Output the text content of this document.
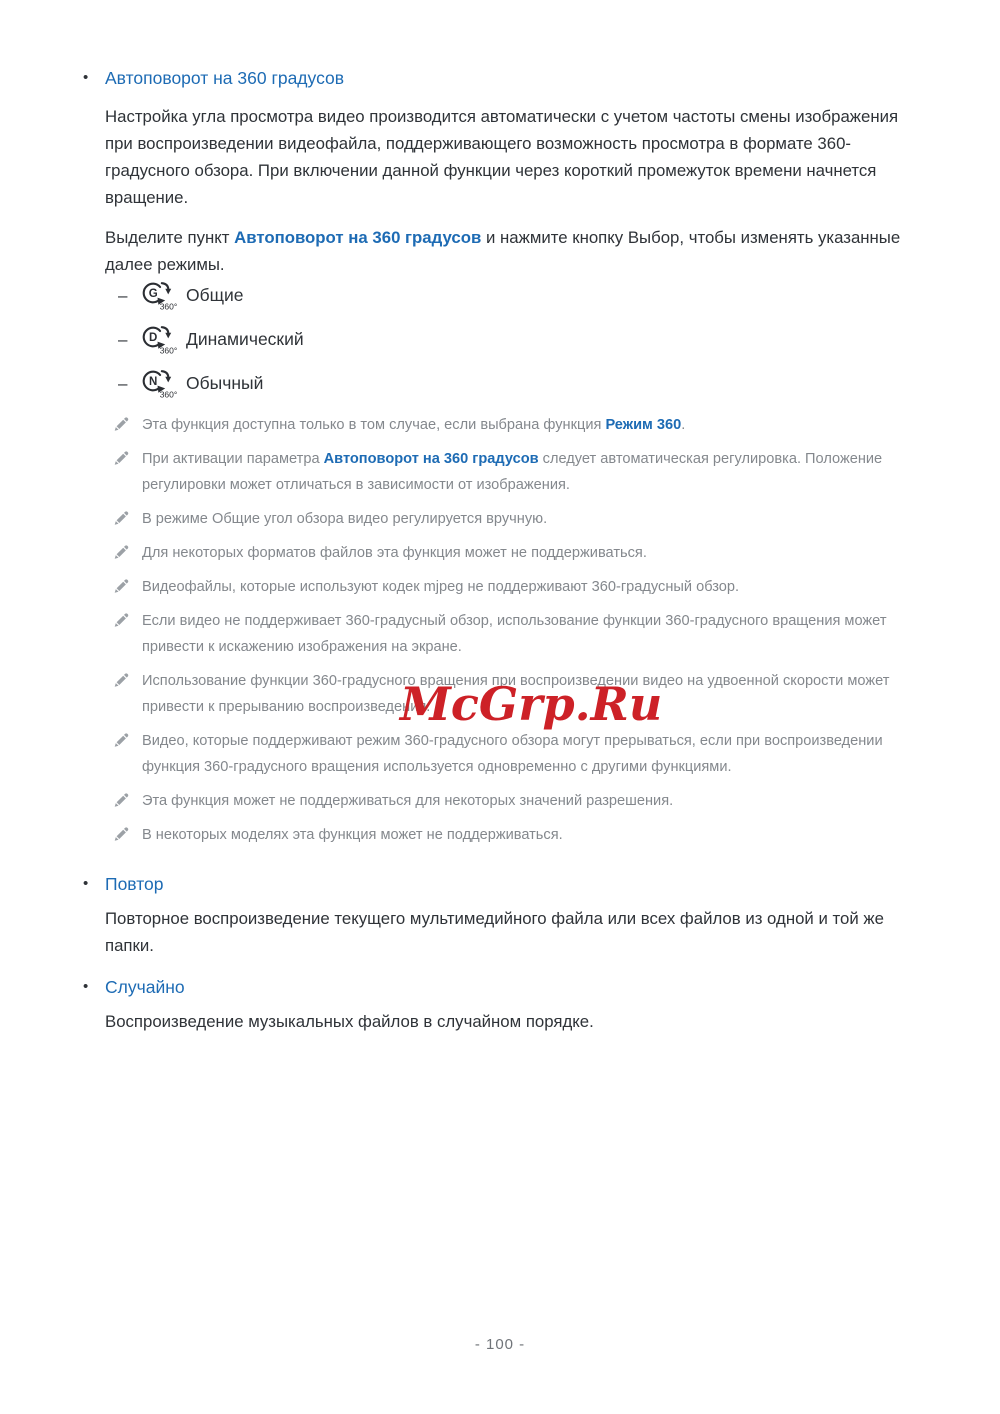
• Автоповорот на 360 градусов

Настройка угла просмотра видео производится автоматически с учетом частоты смены изображения при воспроизведении видеофайла, поддерживающего возможность просмотра в формате 360-градусного обзора. При включении данной функции через короткий промежуток времени начнется вращение.

Выделите пункт Автоповорот на 360 градусов и нажмите кнопку Выбор, чтобы изменять указанные далее режимы.

–	G
360°
Общие
–	D
360°
Динамический
–	N
360°
Обычный

Эта функция доступна только в том случае, если выбрана функция Режим 360.

При активации параметра Автоповорот на 360 градусов следует автоматическая регулировка. Положение регулировки может отличаться в зависимости от изображения.

В режиме Общие угол обзора видео регулируется вручную.

Для некоторых форматов файлов эта функция может не поддерживаться.

Видеофайлы, которые используют кодек mjpeg не поддерживают 360-градусный обзор.

Если видео не поддерживает 360-градусный обзор, использование функции 360-градусного вращения может привести к искажению изображения на экране.

Использование функции 360-градусного вращения при воспроизведении видео на удвоенной скорости может привести к прерыванию воспроизведения.

Видео, которые поддерживают режим 360-градусного обзора могут прерываться, если при воспроизведении функция 360-градусного вращения используется одновременно с другими функциями.

Эта функция может не поддерживаться для некоторых значений разрешения.

В некоторых моделях эта функция может не поддерживаться.

• Повтор

Повторное воспроизведение текущего мультимедийного файла или всех файлов из одной и той же папки.

• Случайно

Воспроизведение музыкальных файлов в случайном порядке.

McGrp.Ru
- 100 -
